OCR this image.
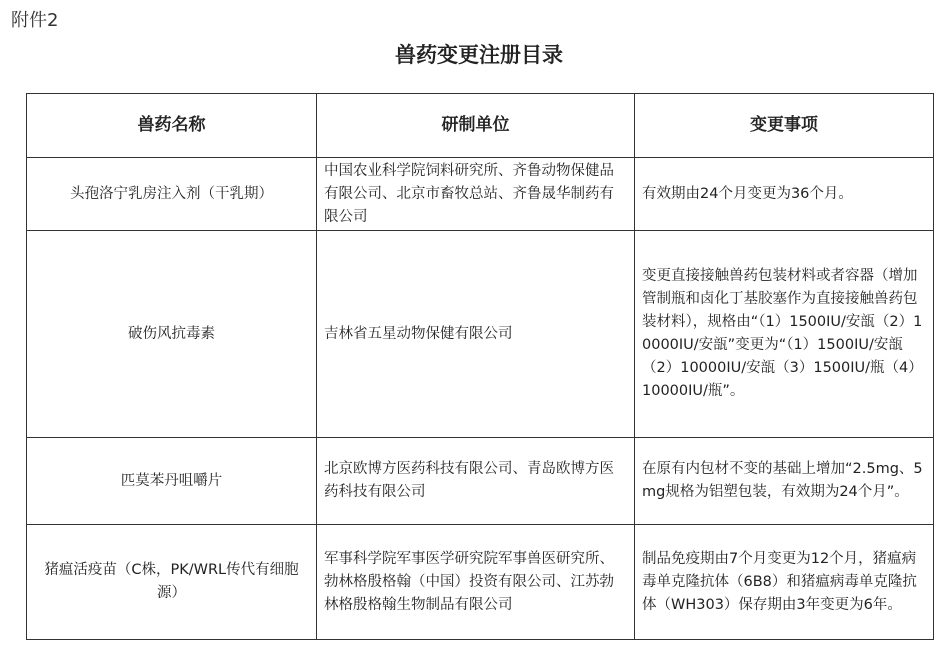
附件2
兽药变更注册目录
兽药名称	研制单位	变更事项
头孢洛宁乳房注入剂（干乳期）	中国农业科学院饲料研究所、齐鲁动物保健品有限公司、北京市畜牧总站、齐鲁晟华制药有限公司	有效期由24个月变更为36个月。
破伤风抗毒素	吉林省五星动物保健有限公司	变更直接接触兽药包装材料或者容器（增加管制瓶和卤化丁基胶塞作为直接接触兽药包装材料），规格由“（1）1500IU/安瓿（2）10000IU/安瓿”变更为“（1）1500IU/安瓿（2）10000IU/安瓿（3）1500IU/瓶（4）10000IU/瓶”。
匹莫苯丹咀嚼片	北京欧博方医药科技有限公司、青岛欧博方医药科技有限公司	在原有内包材不变的基础上增加“2.5mg、5mg规格为铝塑包装，有效期为24个月”。
猪瘟活疫苗（C株，PK/WRL传代有细胞源）	军事科学院军事医学研究院军事兽医研究所、勃林格殷格翰（中国）投资有限公司、江苏勃林格殷格翰生物制品有限公司	制品免疫期由7个月变更为12个月，猪瘟病毒单克隆抗体（6B8）和猪瘟病毒单克隆抗体（WH303）保存期由3年变更为6年。
